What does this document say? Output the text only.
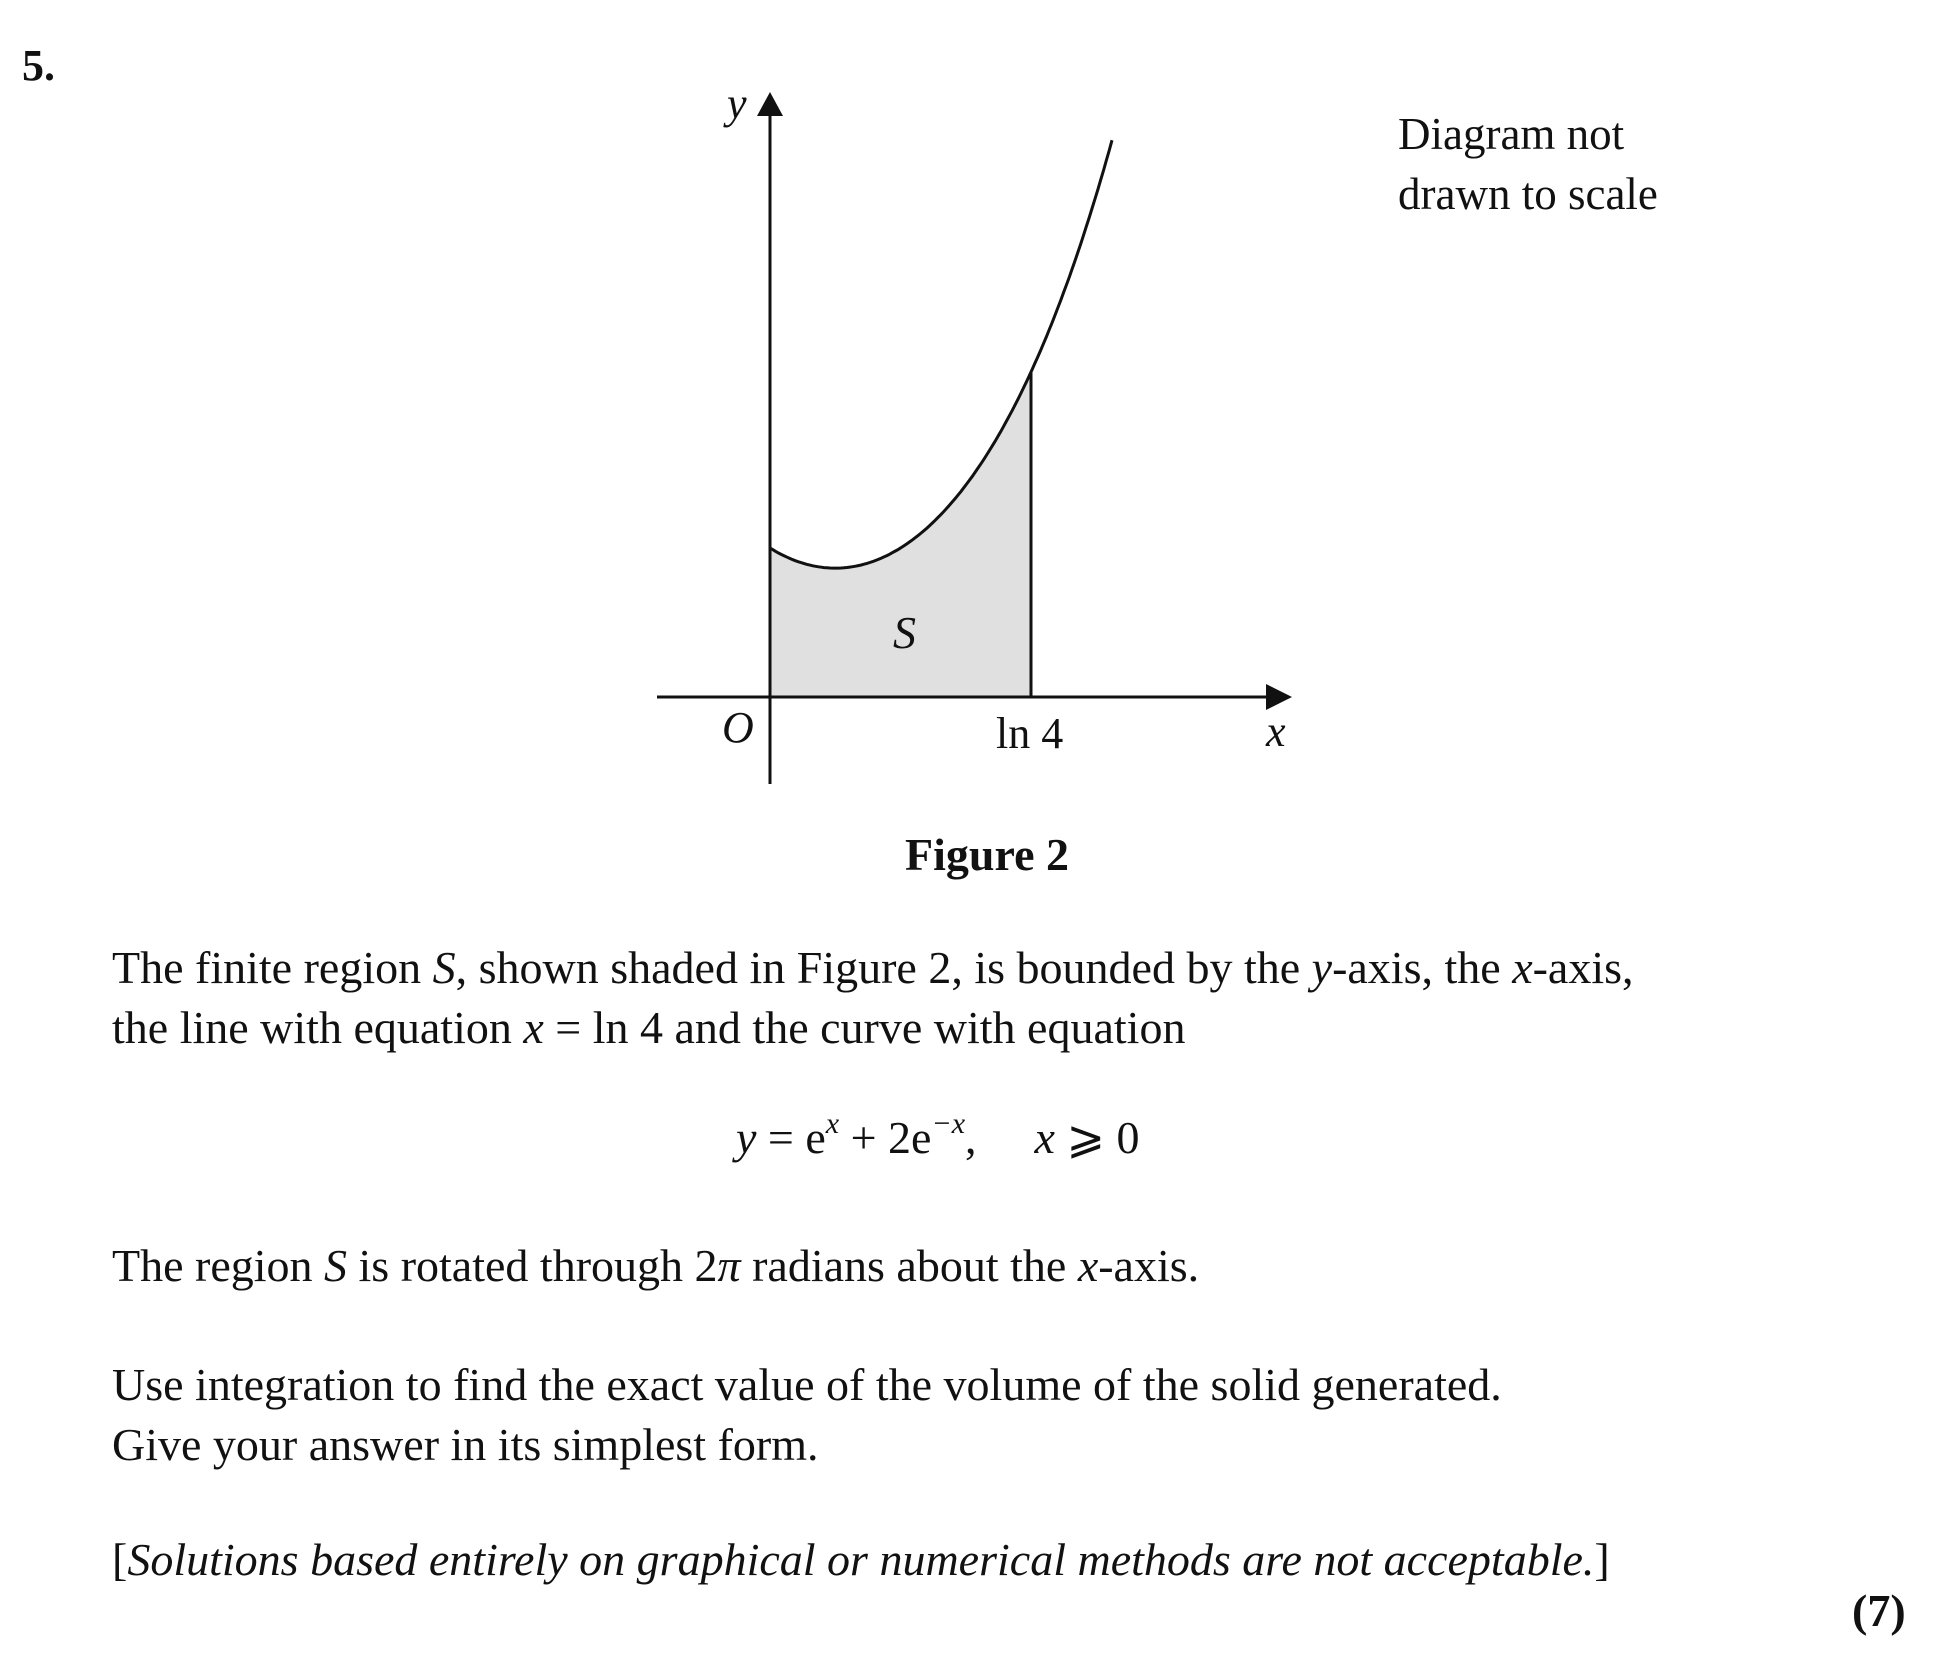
5.
y
x
O
S
ln 4
Diagram not
drawn to scale
Figure 2
The finite region S, shown shaded in Figure 2, is bounded by the y-axis, the x-axis,
the line with equation x = ln 4 and the curve with equation
$y = e^x + 2e^{-x}$, x ⩾ 0
The region S is rotated through 2π radians about the x-axis.
Use integration to find the exact value of the volume of the solid generated.
Give your answer in its simplest form.
[Solutions based entirely on graphical or numerical methods are not acceptable.]
(7)
